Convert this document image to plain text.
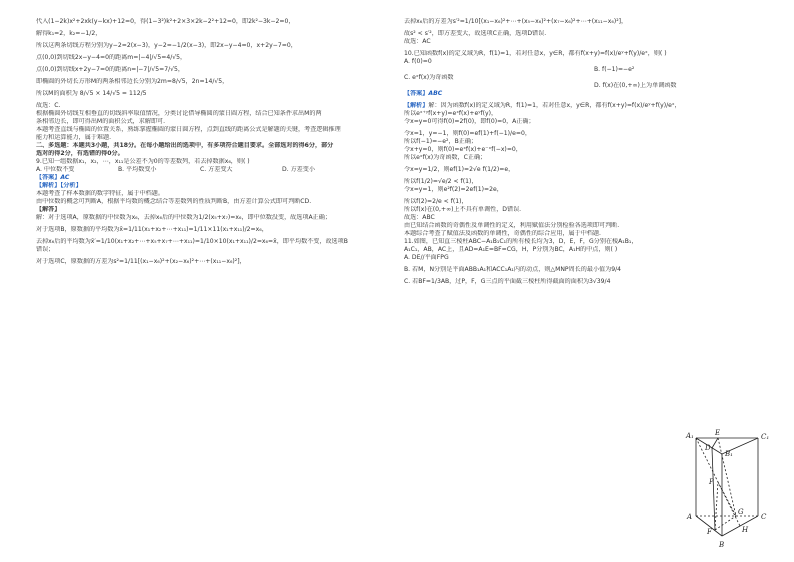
代入(1−2k)x²+2xk(y−kx)+12=0，得(1−3²)k²+2×3×2k−2²+12=0，即2k²−3k−2=0，
解得k₁=2，k₂=−1/2，
所以这两条切线方程分别为y−2=2(x−3)，y−2=−1/2(x−3)，即2x−y−4=0，x+2y−7=0，
点(0,0)到切线2x−y−4=0的距离m=|−4|/√5=4/√5，
点(0,0)到切线x+2y−7=0的距离n=|−7|/√5=7/√5，
即椭圆的外切长方形M的两条相邻边长分别为2m=8/√5，2n=14/√5，
所以M的面积为 8/√5 × 14/√5 = 112/5
故选：C.
根据椭圆外切线互相垂直的切线斜率取值情况，分类讨论借导椭圆的蒙日圆方程，结合已知条件求出M的两
条相邻边长，即可得出M的面积公式，求解即可.
本题考查直线与椭圆的位置关系，熟练掌握椭圆的蒙日圆方程，点到直线的距离公式是解题的关键，考查逻辑推理
能力和运算能力，属于难题.
二、多选题：本题共3小题，共18分。在每小题给出的选项中，有多项符合题目要求。全部选对的得6分，部分
选对的得2分，有选错的得0分。
9.已知一组数据x₁，x₂，⋯，x₁₁是公差不为0的等差数列，若去掉数据x₆，则( )
A. 中位数不变	B. 平均数变小	C. 方差变大	D. 方差变小
【答案】AC
【解析】【分析】
本题考查了样本数据的数字特征，属于中档题。
由中位数的概念可判断A，根据平均数的概念结合等差数列的性质判断B，由方差计算公式即可判断CD.
【解答】
解：对于选项A，原数据的中位数为x₆，去掉x₆后的中位数为1/2(x₅+x₇)=x₆，即中位数没变，故选项A正确；
对于选项B，原数据的平均数为x̄=1/11(x₁+x₂+⋯+x₁₁)=1/11×11(x₁+x₁₁)/2=x₆，
去掉x₆后的平均数为x̄′=1/10(x₁+x₂+⋯+x₅+x₇+⋯+x₁₁)=1/10×10(x₁+x₁₁)/2=x₆=x̄，即平均数不变，故选项B
错误；
对于选项C，原数据的方差为s²=1/11[(x₁−x₆)²+(x₂−x₆)²+⋯+(x₁₁−x₆)²]，
去掉x₆后的方差为s′²=1/10[(x₁−x₆)²+⋯+(x₅−x₆)²+(x₇−x₆)²+⋯+(x₁₁−x₆)²]，
故s² < s′²，即方差变大，故选项C正确，选项D错误.
故选：AC
10.已知函数f(x)的定义域为R，f(1)=1，若对任意x，y∈R，都有f(x+y)=f(x)/eʸ+f(y)/eˣ，则( )
A. f(0)=0
B. f(−1)=−e²
C. eˣf(x)为奇函数
D. f(x)在(0,+∞)上为单调函数
【答案】ABC
【解析】解：因为函数f(x)的定义域为R，f(1)=1，若对任意x，y∈R，都有f(x+y)=f(x)/eʸ+f(y)/eˣ，
所以eˣ⁺ʸf(x+y)=eˣf(x)+eʸf(y)，
令x=y=0可得f(0)=2f(0)，即f(0)=0，A正确；
令x=1，y=−1，则f(0)=ef(1)+f(−1)/e=0，
所以f(−1)=−e²，B正确；
令x+y=0，则f(0)=eˣf(x)+e⁻ˣf(−x)=0，
所以eˣf(x)为奇函数，C正确；
令x=y=1/2，则ef(1)=2√e f(1/2)=e，
所以f(1/2)=√e/2 < f(1)，
令x=y=1，则e²f(2)=2ef(1)=2e，
所以f(2)=2/e < f(1)，
所以f(x)在(0,+∞)上不具有单调性，D错误.
故选：ABC
由已知结合函数的奇偶性及单调性的定义，利用赋值法分别检验各选项即可判断.
本题综合考查了赋值法及函数的单调性，奇偶性的综合应用，属于中档题.
11.如图，已知直三棱柱ABC−A₁B₁C₁的所有棱长均为3，D，E，F，G分别在棱A₁B₁，
A₁C₁，AB，AC上，且AD=A₁E=BF=CG，H，P分别为BC，A₁H的中点，则( )
A. DE//平面FPG
B. 若M，N分别是平面ABB₁A₁和ACC₁A₁内的动点，则△MNP周长的最小值为9/4
C. 若BF=1/3AB，过P，F，G三点的平面截三棱柱所得截面的面积为3√39/4
A₁	E	C₁
B₁
D
P
A	C
F
G
H
B
